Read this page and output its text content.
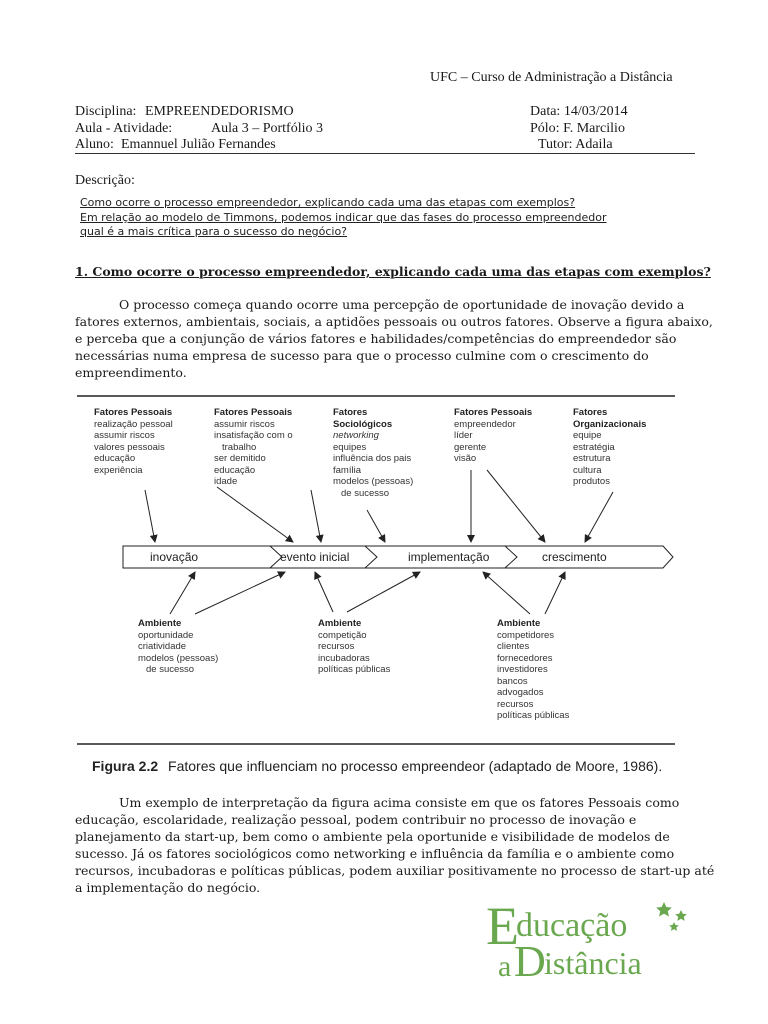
UFC – Curso de Administração a Distância
Disciplina: EMPREENDEDORISMO
Aula - Atividade:	Aula 3 – Portfólio 3
Aluno: Emannuel Julião Fernandes
Data: 14/03/2014
Pólo: F. Marcilio
Tutor: Adaila
Descrição:
Como ocorre o processo empreendedor, explicando cada uma das etapas com exemplos?
Em relação ao modelo de Timmons, podemos indicar que das fases do processo empreendedor
qual é a mais crítica para o sucesso do negócio?
1. Como ocorre o processo empreendedor, explicando cada uma das etapas com exemplos?
O processo começa quando ocorre uma percepção de oportunidade de inovação devido a
fatores externos, ambientais, sociais, a aptidões pessoais ou outros fatores. Observe a figura abaixo,
e perceba que a conjunção de vários fatores e habilidades/competências do empreendedor são
necessárias numa empresa de sucesso para que o processo culmine com o crescimento do
empreendimento.
inovação	evento inicial	implementação	crescimento
Fatores Pessoais
realização pessoal
assumir riscos
valores pessoais
educação
experiência
Fatores Pessoais
assumir riscos
insatisfação com o
trabalho
ser demitido
educação
idade
Fatores
Sociológicos
networking
equipes
influência dos pais
família
modelos (pessoas)
de sucesso
Fatores Pessoais
empreendedor
líder
gerente
visão
Fatores
Organizacionais
equipe
estratégia
estrutura
cultura
produtos
Ambiente
oportunidade
criatividade
modelos (pessoas)
de sucesso
Ambiente
competição
recursos
incubadoras
políticas públicas
Ambiente
competidores
clientes
fornecedores
investidores
bancos
advogados
recursos
políticas públicas
Figura 2.2 Fatores que influenciam no processo empreendeor (adaptado de Moore, 1986).
Um exemplo de interpretação da figura acima consiste em que os fatores Pessoais como
educação, escolaridade, realização pessoal, podem contribuir no processo de inovação e
planejamento da start-up, bem como o ambiente pela oportunide e visibilidade de modelos de
sucesso. Já os fatores sociológicos como networking e influência da família e o ambiente como
recursos, incubadoras e políticas públicas, podem auxiliar positivamente no processo de start-up até
a implementação do negócio.
E
ducação
a D
istância
